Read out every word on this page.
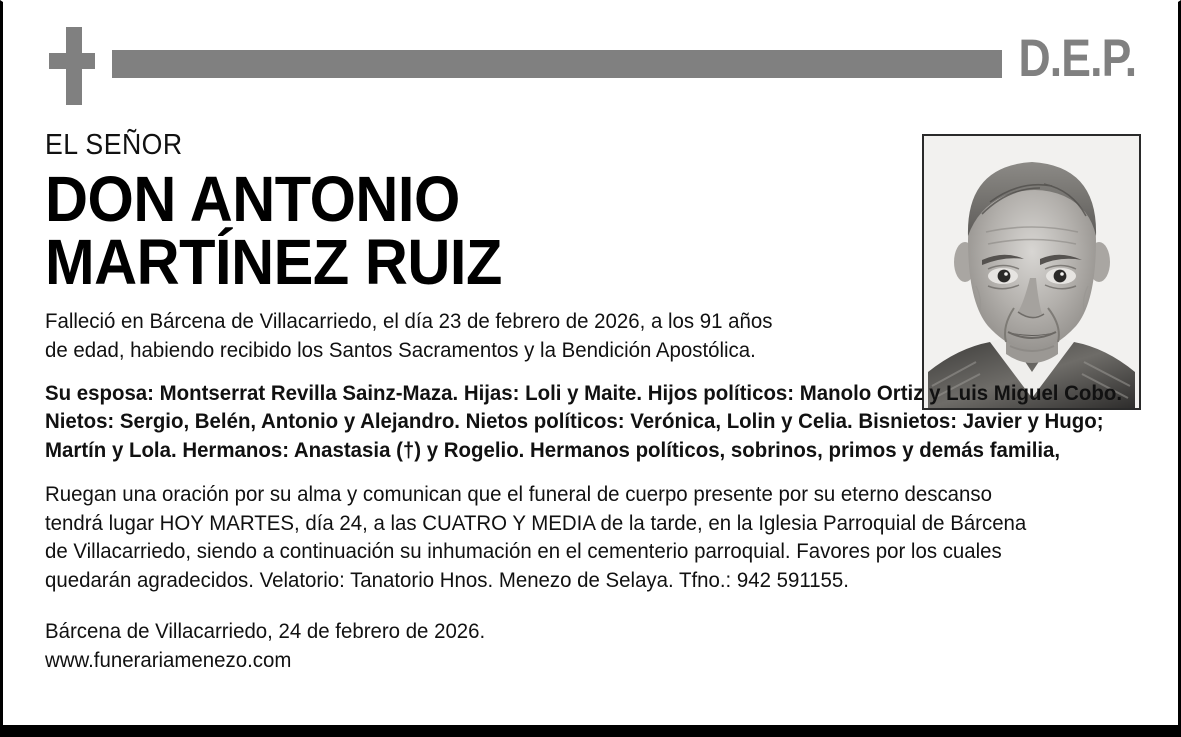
D.E.P.
EL SEÑOR
DON ANTONIO
MARTÍNEZ RUIZ
Falleció en Bárcena de Villacarriedo, el día 23 de febrero de 2026, a los 91 años
de edad, habiendo recibido los Santos Sacramentos y la Bendición Apostólica.
Su esposa: Montserrat Revilla Sainz-Maza. Hijas: Loli y Maite. Hijos políticos: Manolo Ortiz y Luis Miguel Cobo.
Nietos: Sergio, Belén, Antonio y Alejandro. Nietos políticos: Verónica, Lolin y Celia. Bisnietos: Javier y Hugo;
Martín y Lola. Hermanos: Anastasia (†) y Rogelio. Hermanos políticos, sobrinos, primos y demás familia,
Ruegan una oración por su alma y comunican que el funeral de cuerpo presente por su eterno descanso
tendrá lugar HOY MARTES, día 24, a las CUATRO Y MEDIA de la tarde, en la Iglesia Parroquial de Bárcena
de Villacarriedo, siendo a continuación su inhumación en el cementerio parroquial. Favores por los cuales
quedarán agradecidos. Velatorio: Tanatorio Hnos. Menezo de Selaya. Tfno.: 942 591155.
Bárcena de Villacarriedo, 24 de febrero de 2026.
www.funerariamenezo.com
